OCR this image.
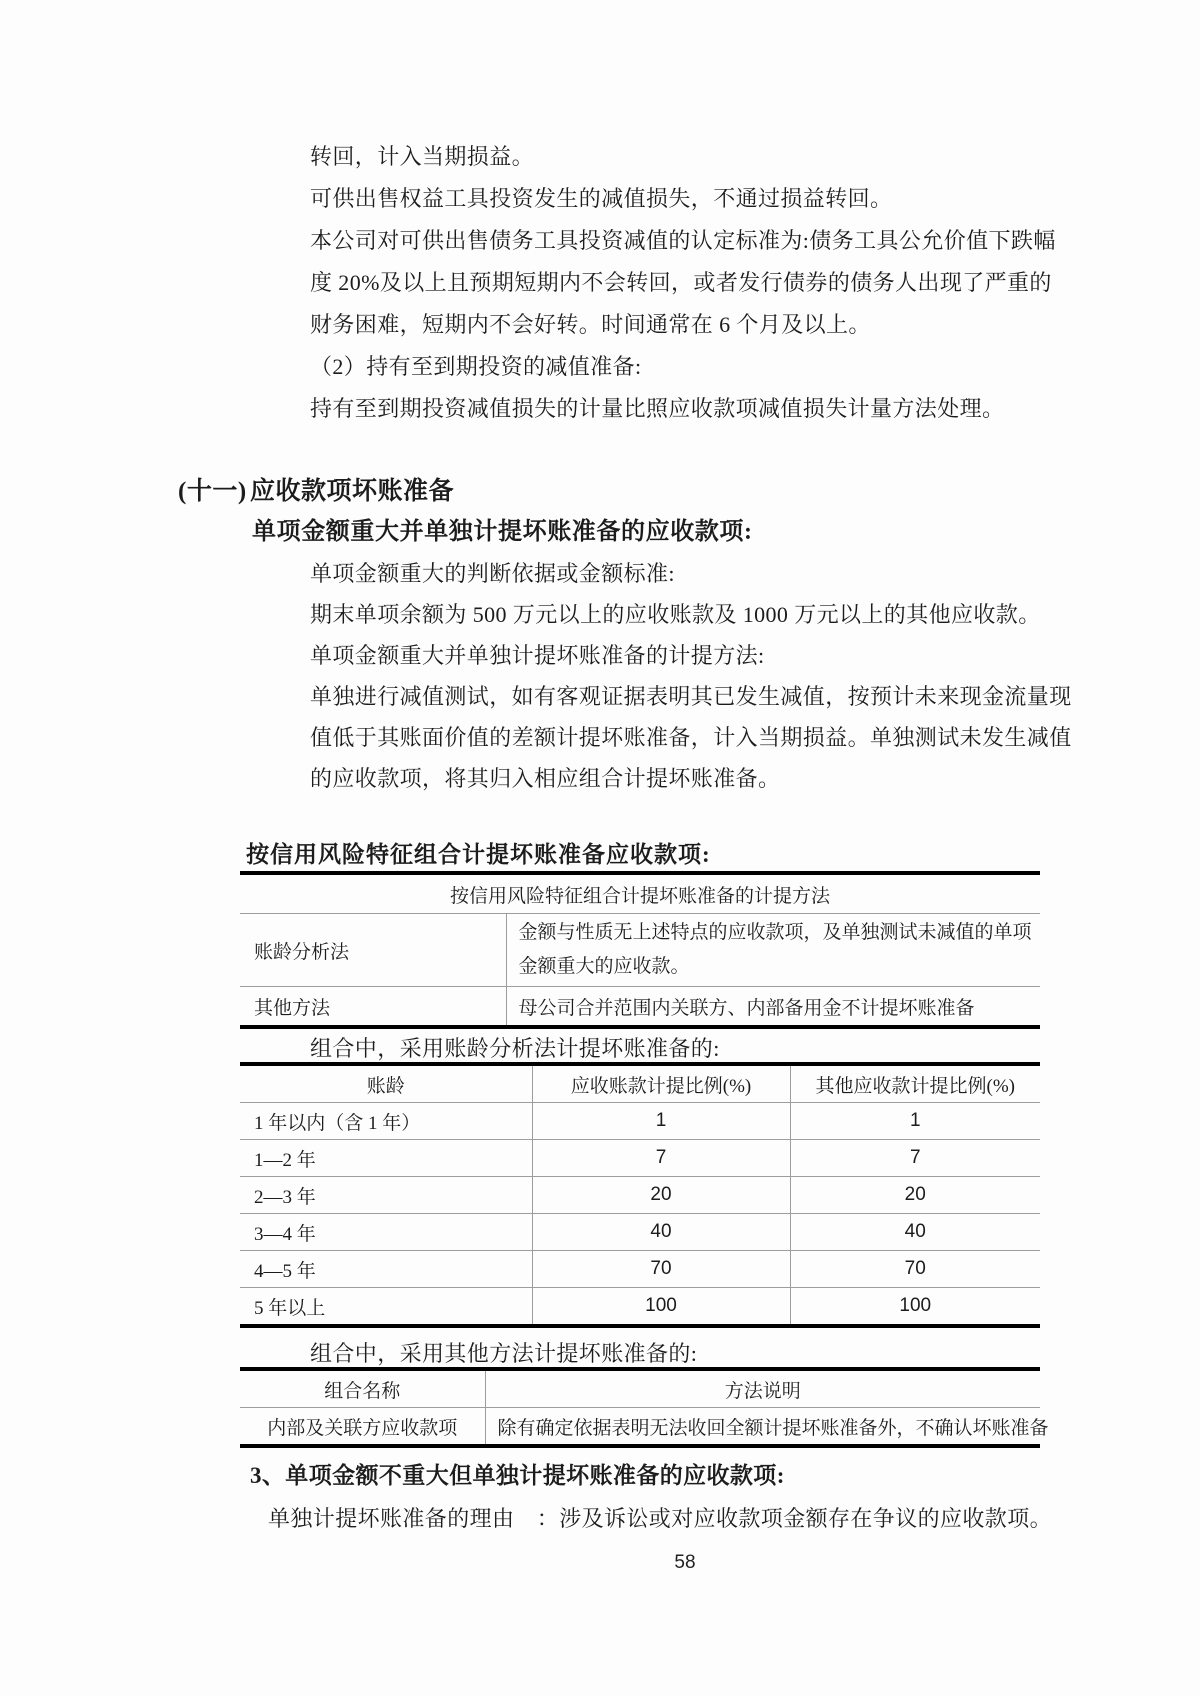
转回，计入当期损益。
可供出售权益工具投资发生的减值损失，不通过损益转回。
本公司对可供出售债务工具投资减值的认定标准为:债务工具公允价值下跌幅
度 20%及以上且预期短期内不会转回，或者发行债券的债务人出现了严重的
财务困难，短期内不会好转。时间通常在 6 个月及以上。
（2）持有至到期投资的减值准备:
持有至到期投资减值损失的计量比照应收款项减值损失计量方法处理。
(十一) 应收款项坏账准备
单项金额重大并单独计提坏账准备的应收款项:
单项金额重大的判断依据或金额标准:
期末单项余额为 500 万元以上的应收账款及 1000 万元以上的其他应收款。
单项金额重大并单独计提坏账准备的计提方法:
单独进行减值测试，如有客观证据表明其已发生减值，按预计未来现金流量现
值低于其账面价值的差额计提坏账准备，计入当期损益。单独测试未发生减值
的应收款项，将其归入相应组合计提坏账准备。
按信用风险特征组合计提坏账准备应收款项:
按信用风险特征组合计提坏账准备的计提方法	
账龄分析法	金额与性质无上述特点的应收款项，及单独测试未减值的单项金额重大的应收款。
其他方法	母公司合并范围内关联方、内部备用金不计提坏账准备
组合中，采用账龄分析法计提坏账准备的:
账龄	应收账款计提比例(%)	其他应收款计提比例(%)
1 年以内（含 1 年）	1	1
1—2 年	7	7
2—3 年	20	20
3—4 年	40	40
4—5 年	70	70
5 年以上	100	100
组合中，采用其他方法计提坏账准备的:
组合名称	方法说明
内部及关联方应收款项	除有确定依据表明无法收回全额计提坏账准备外，不确认坏账准备
3、单项金额不重大但单独计提坏账准备的应收款项:
单独计提坏账准备的理由　：涉及诉讼或对应收款项金额存在争议的应收款项。
58
